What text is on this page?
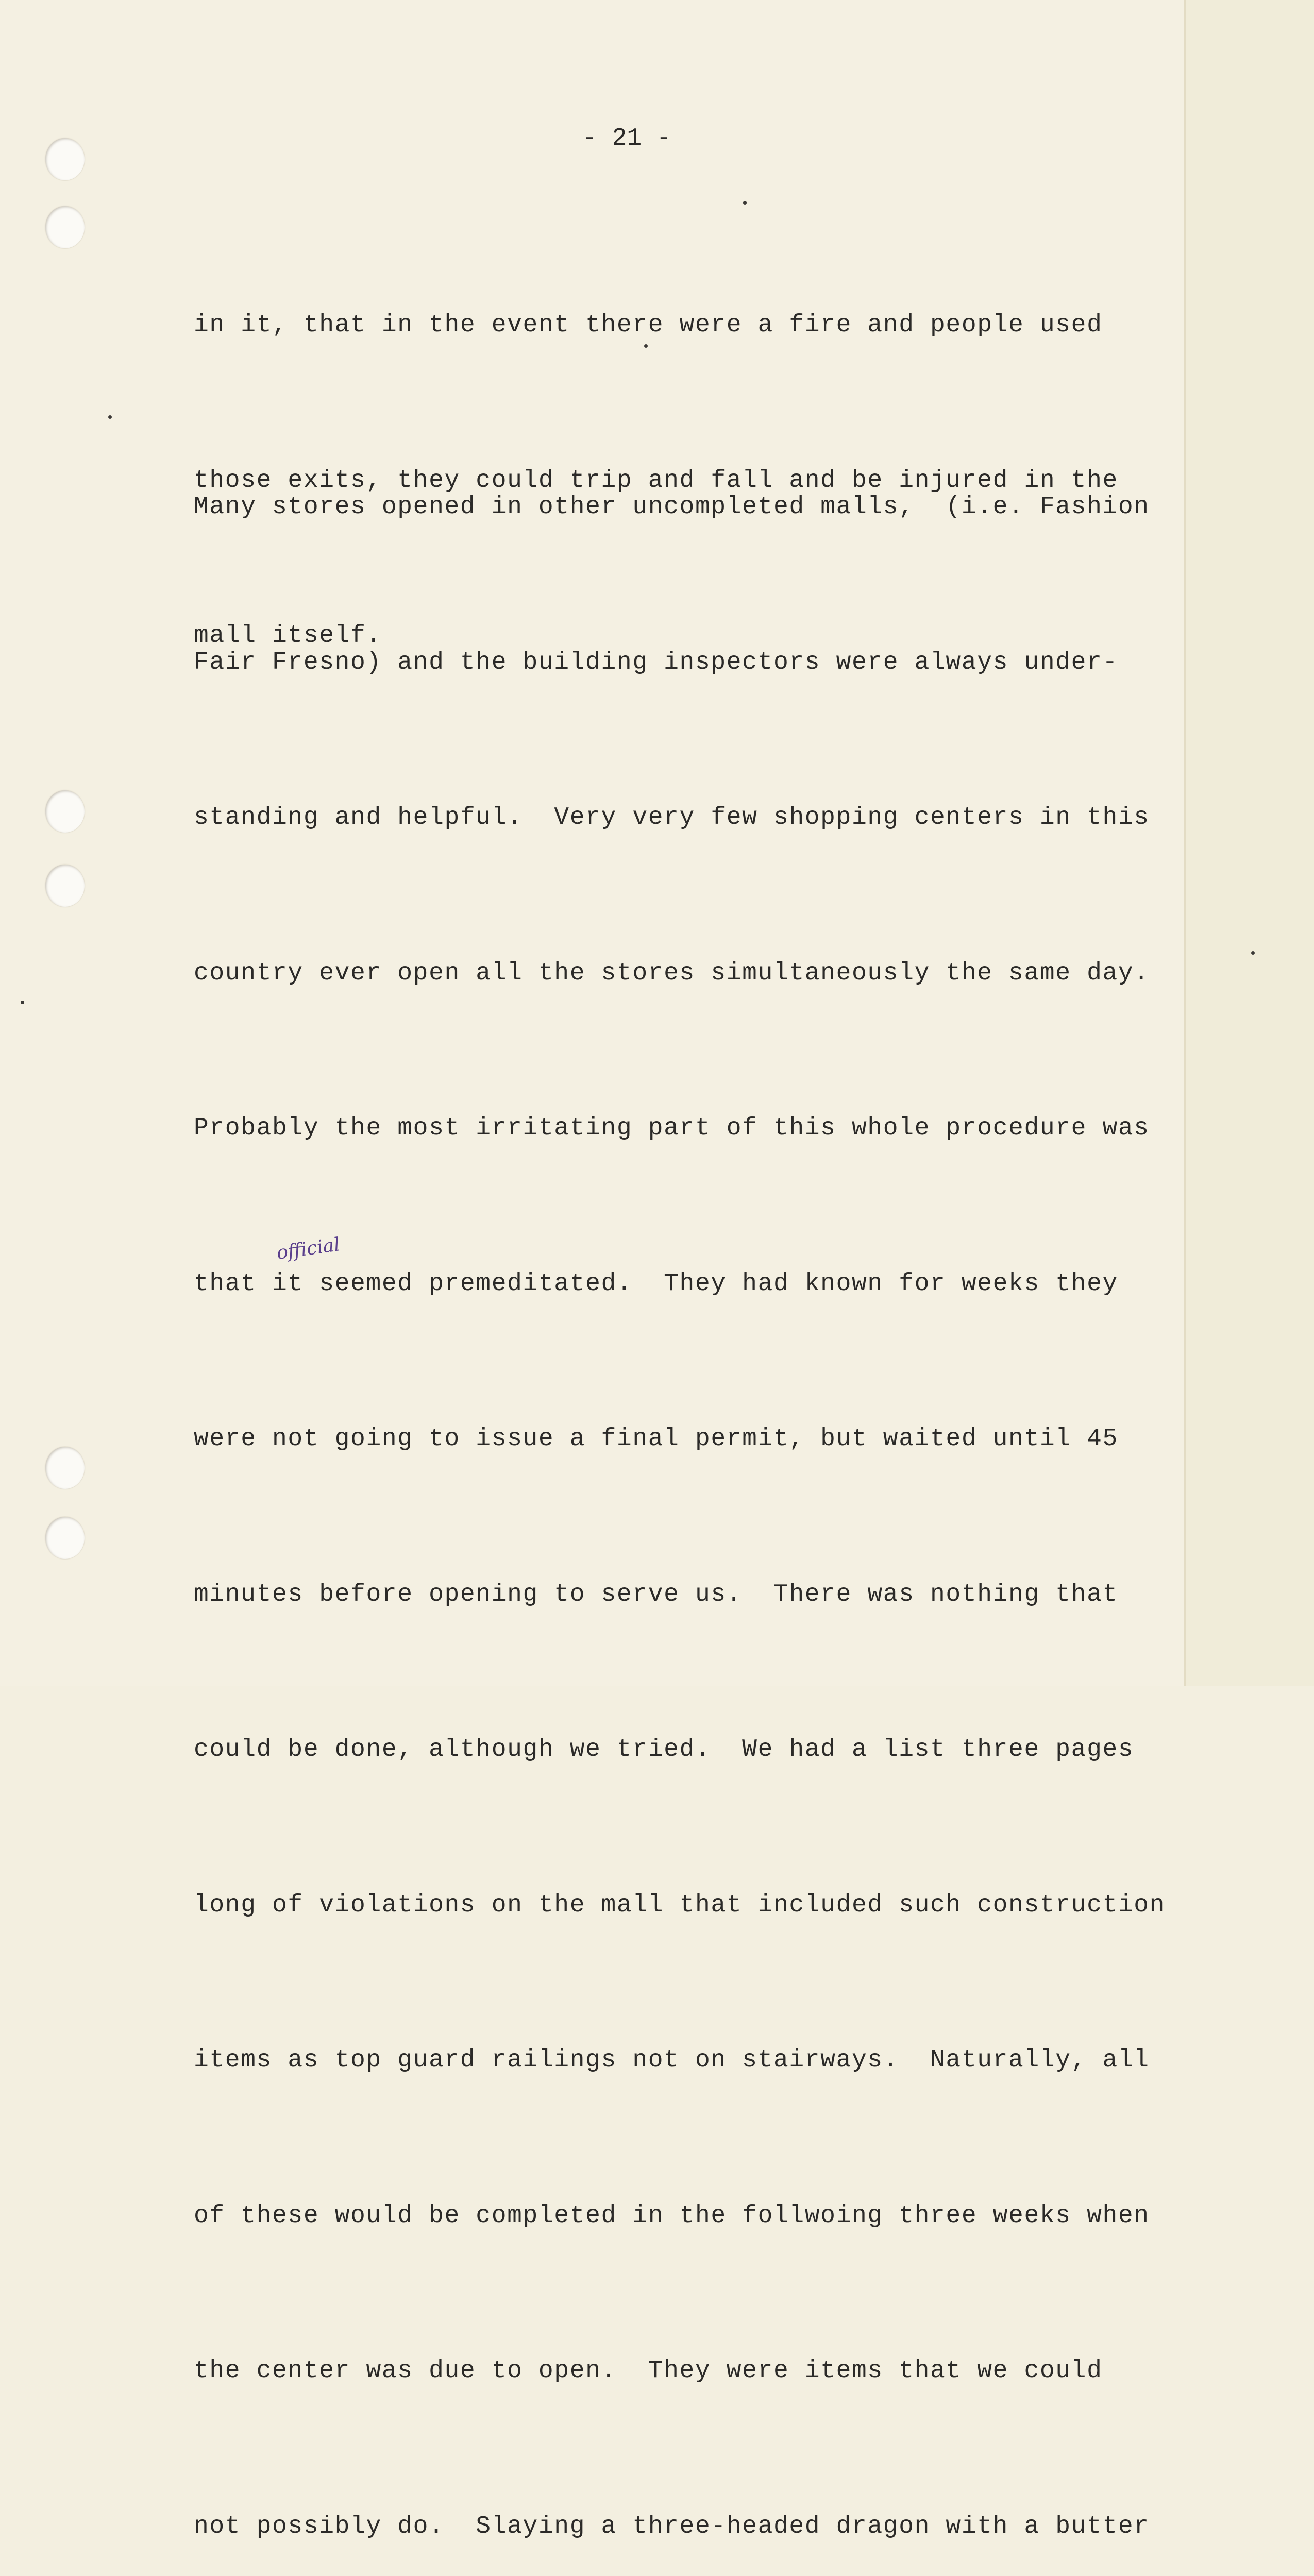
- 21 -

in it, that in the event there were a fire and people used

those exits, they could trip and fall and be injured in the

mall itself.

Many stores opened in other uncompleted malls,  (i.e. Fashion

Fair Fresno) and the building inspectors were always under-

standing and helpful.  Very very few shopping centers in this

country ever open all the stores simultaneously the same day.

Probably the most irritating part of this whole procedure was

that it seemed premeditated.  They had known for weeks they

were not going to issue a final permit, but waited until 45

minutes before opening to serve us.  There was nothing that

could be done, although we tried.  We had a list three pages

long of violations on the mall that included such construction

items as top guard railings not on stairways.  Naturally, all

of these would be completed in the follwoing three weeks when

the center was due to open.  They were items that we could

not possibly do.  Slaying a three-headed dragon with a butter

official
